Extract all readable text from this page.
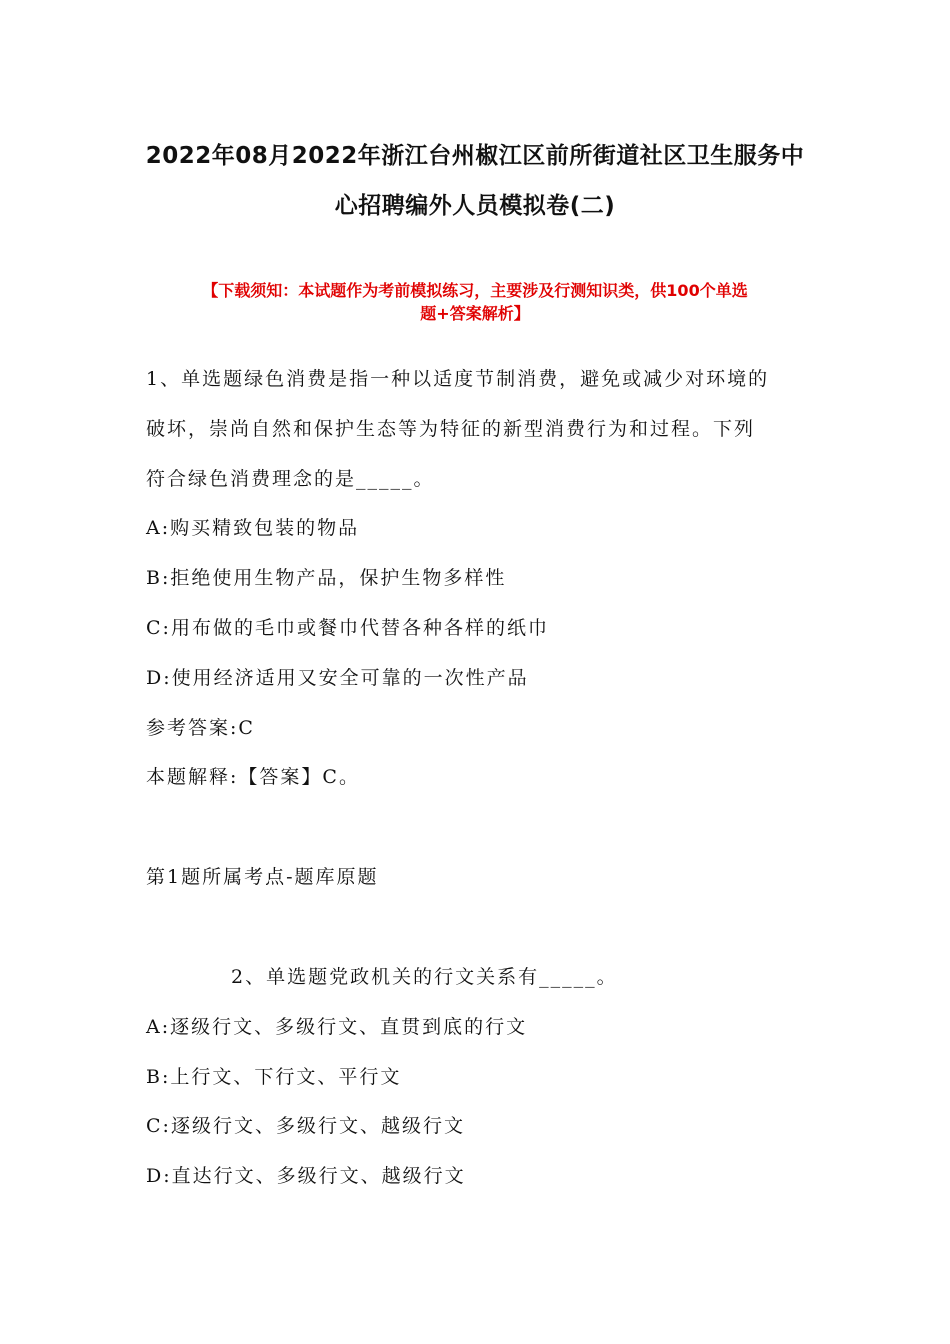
2022年08月2022年浙江台州椒江区前所街道社区卫生服务中
心招聘编外人员模拟卷(二)
【下载须知：本试题作为考前模拟练习，主要涉及行测知识类，供100个单选
题+答案解析】
1、单选题绿色消费是指一种以适度节制消费，避免或减少对环境的
破坏，崇尚自然和保护生态等为特征的新型消费行为和过程。下列
符合绿色消费理念的是_____。
A:购买精致包装的物品
B:拒绝使用生物产品，保护生物多样性
C:用布做的毛巾或餐巾代替各种各样的纸巾
D:使用经济适用又安全可靠的一次性产品
参考答案:C
本题解释:【答案】C。
第1题所属考点-题库原题
2、单选题党政机关的行文关系有_____。
A:逐级行文、多级行文、直贯到底的行文
B:上行文、下行文、平行文
C:逐级行文、多级行文、越级行文
D:直达行文、多级行文、越级行文
